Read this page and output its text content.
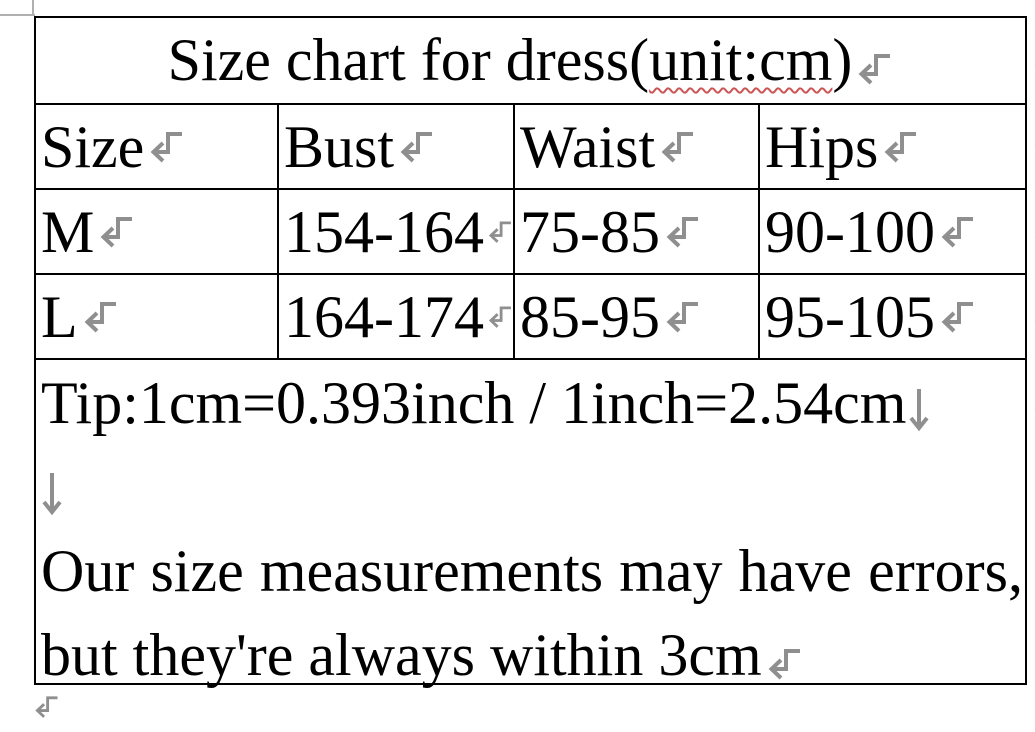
Size chart for dress(unit:cm)
Size Bust Waist Hips
M	154-164 75-85 90-100
L	164-174 85-95 95-105
Tip:1cm=0.393inch / 1inch=2.54cm
Our size measurements may have errors,
but they're always within 3cm
